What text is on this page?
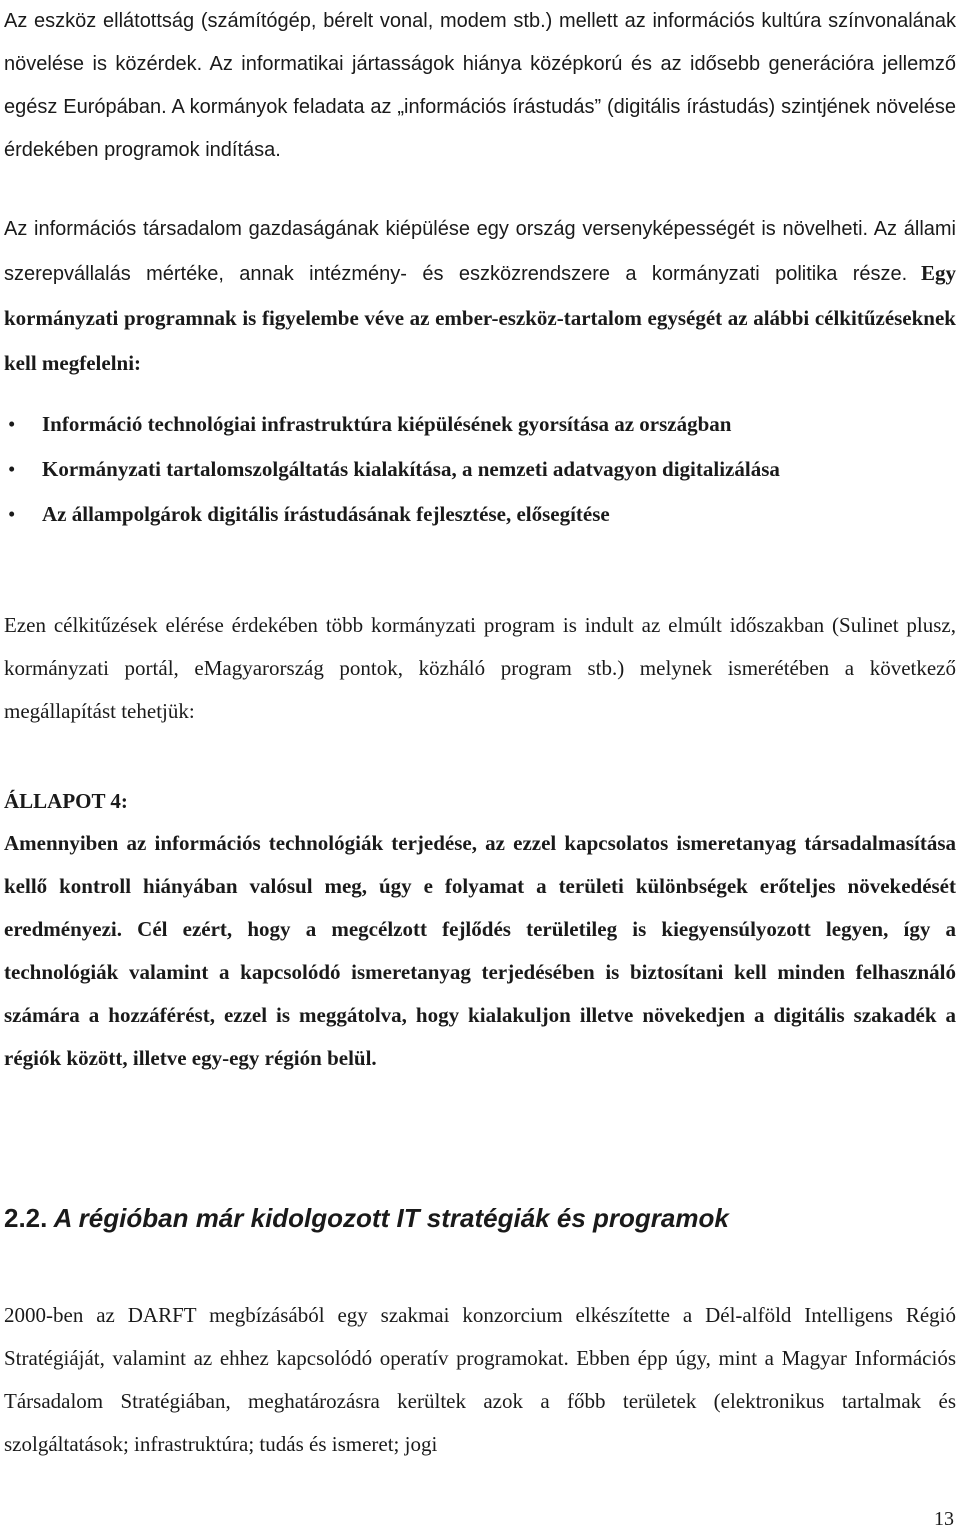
Az eszköz ellátottság (számítógép, bérelt vonal, modem stb.) mellett az információs kultúra színvonalának növelése is közérdek. Az informatikai jártasságok hiánya középkorú és az idősebb generációra jellemző egész Európában. A kormányok feladata az „információs írástudás” (digitális írástudás) szintjének növelése érdekében programok indítása.

Az információs társadalom gazdaságának kiépülése egy ország versenyképességét is növelheti. Az állami szerepvállalás mértéke, annak intézmény- és eszközrendszere a kormányzati politika része. Egy kormányzati programnak is figyelembe véve az ember-eszköz-tartalom egységét az alábbi célkitűzéseknek kell megfelelni:

• Információ technológiai infrastruktúra kiépülésének gyorsítása az országban
• Kormányzati tartalomszolgáltatás kialakítása, a nemzeti adatvagyon digitalizálása
• Az állampolgárok digitális írástudásának fejlesztése, elősegítése

Ezen célkitűzések elérése érdekében több kormányzati program is indult az elmúlt időszakban (Sulinet plusz, kormányzati portál, eMagyarország pontok, közháló program stb.) melynek ismerétében a következő megállapítást tehetjük:

ÁLLAPOT 4:

Amennyiben az információs technológiák terjedése, az ezzel kapcsolatos ismeretanyag társadalmasítása kellő kontroll hiányában valósul meg, úgy e folyamat a területi különbségek erőteljes növekedését eredményezi. Cél ezért, hogy a megcélzott fejlődés területileg is kiegyensúlyozott legyen, így a technológiák valamint a kapcsolódó ismeretanyag terjedésében is biztosítani kell minden felhasználó számára a hozzáférést, ezzel is meggátolva, hogy kialakuljon illetve növekedjen a digitális szakadék a régiók között, illetve egy-egy régión belül.

2.2. A régióban már kidolgozott IT stratégiák és programok

2000-ben az DARFT megbízásából egy szakmai konzorcium elkészítette a Dél-alföld Intelligens Régió Stratégiáját, valamint az ehhez kapcsolódó operatív programokat. Ebben épp úgy, mint a Magyar Információs Társadalom Stratégiában, meghatározásra kerültek azok a főbb területek (elektronikus tartalmak és szolgáltatások; infrastruktúra; tudás és ismeret; jogi

13
